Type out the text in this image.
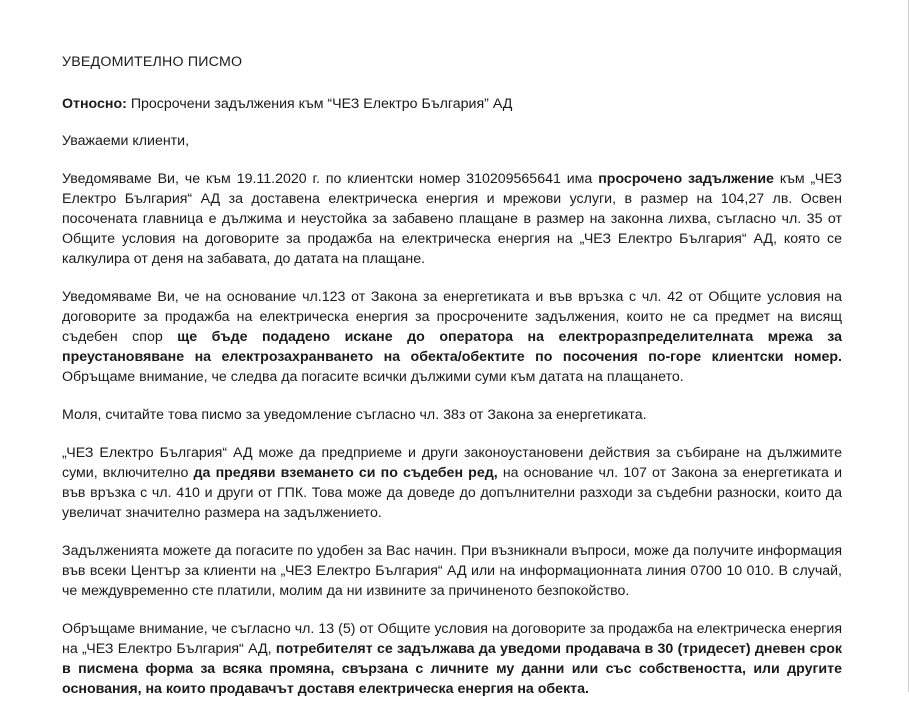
УВЕДОМИТЕЛНО ПИСМО

Относно: Просрочени задължения към “ЧЕЗ Електро България” АД

Уважаеми клиенти,

Уведомяваме Ви, че към 19.11.2020 г. по клиентски номер 310209565641 има просрочено задължение към „ЧЕЗ Електро България“ АД за доставена електрическа енергия и мрежови услуги, в размер на 104,27 лв. Освен посочената главница е дължима и неустойка за забавено плащане в размер на законна лихва, съгласно чл. 35 от Общите условия на договорите за продажба на електрическа енергия на „ЧЕЗ Електро България“ АД, която се калкулира от деня на забавата, до датата на плащане.

Уведомяваме Ви, че на основание чл.123 от Закона за енергетиката и във връзка с чл. 42 от Общите условия на договорите за продажба на електрическа енергия за просрочените задължения, които не са предмет на висящ съдебен спор ще бъде подадено искане до оператора на електроразпределителната мрежа за преустановяване на електрозахранването на обекта/обектите по посочения по-горе клиентски номер. Обръщаме внимание, че следва да погасите всички дължими суми към датата на плащането.

Моля, считайте това писмо за уведомление съгласно чл. 38з от Закона за енергетиката.

„ЧЕЗ Електро България“ АД може да предприеме и други законоустановени действия за събиране на дължимите суми, включително да предяви вземането си по съдебен ред, на основание чл. 107 от Закона за енергетиката и във връзка с чл. 410 и други от ГПК. Това може да доведе до допълнителни разходи за съдебни разноски, които да увеличат значително размера на задължението.

Задълженията можете да погасите по удобен за Вас начин. При възникнали въпроси, може да получите информация във всеки Център за клиенти на „ЧЕЗ Електро България“ АД или на информационната линия 0700 10 010. В случай, че междувременно сте платили, молим да ни извините за причиненото безпокойство.

Обръщаме внимание, че съгласно чл. 13 (5) от Общите условия на договорите за продажба на електрическа енергия на „ЧЕЗ Електро България“ АД, потребителят се задължава да уведоми продавача в 30 (тридесет) дневен срок в писмена форма за всяка промяна, свързана с личните му данни или със собствеността, или другите основания, на които продавачът доставя електрическа енергия на обекта.
